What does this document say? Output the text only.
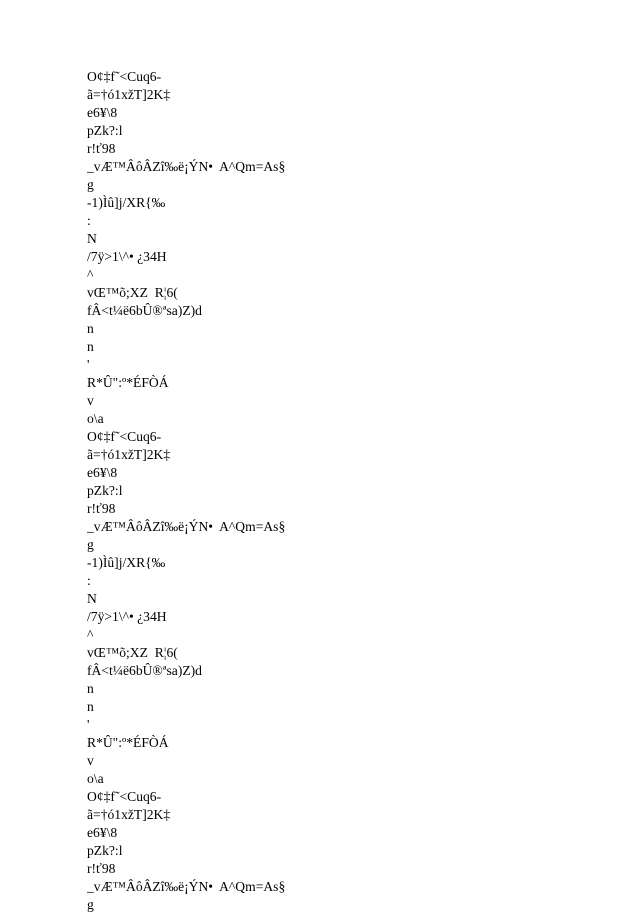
O¢‡f˜<Cuq6-
ã=†ó1xžT]2K‡
e6¥\8
pZk?:l
r!ť98
_vÆ™ÂôÂZî‰ë¡ÝN•  A^Qm=As§
g
-1)Ìû]j/XR{‰
:
N
/7ÿ>1\^• ¿34H
^
vŒ™õ;XZ  R¦6(
fÂ<t¼ë6bÛ®ªsa)Z)d
n
n
'
R*Û":º*ÉFÒÁ
v
o\a
O¢‡f˜<Cuq6-
ã=†ó1xžT]2K‡
e6¥\8
pZk?:l
r!ť98
_vÆ™ÂôÂZî‰ë¡ÝN•  A^Qm=As§
g
-1)Ìû]j/XR{‰
:
N
/7ÿ>1\^• ¿34H
^
vŒ™õ;XZ  R¦6(
fÂ<t¼ë6bÛ®ªsa)Z)d
n
n
'
R*Û":º*ÉFÒÁ
v
o\a
O¢‡f˜<Cuq6-
ã=†ó1xžT]2K‡
e6¥\8
pZk?:l
r!ť98
_vÆ™ÂôÂZî‰ë¡ÝN•  A^Qm=As§
g
